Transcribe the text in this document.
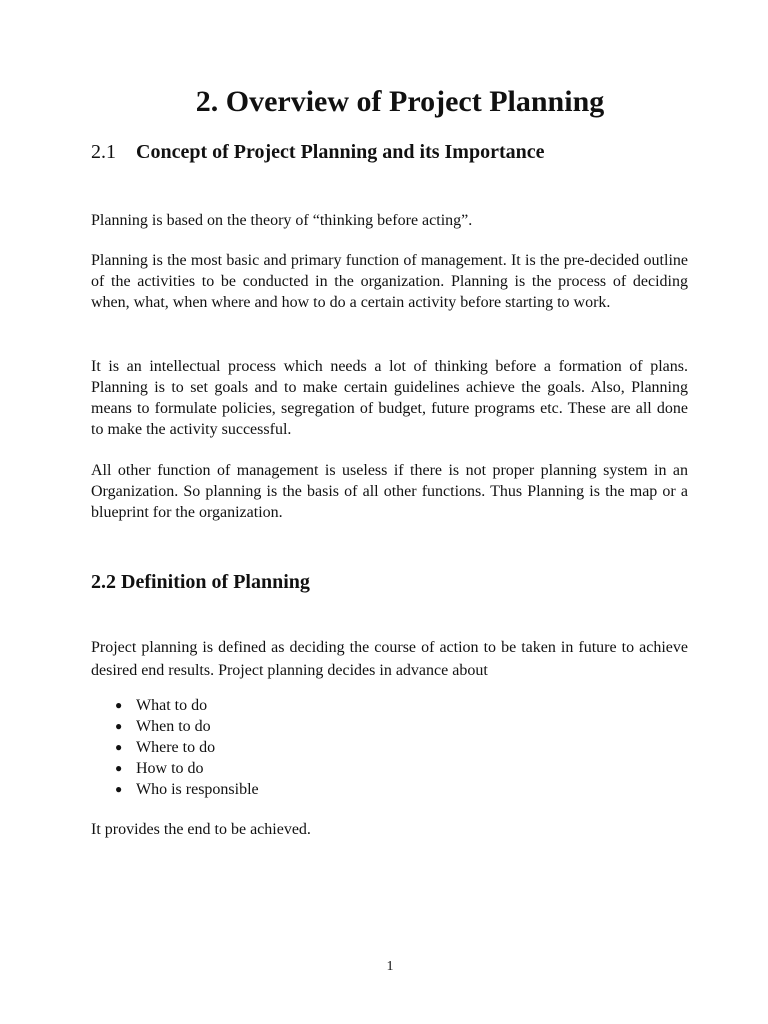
2. Overview of Project Planning
2.1 Concept of Project Planning and its Importance

Planning is based on the theory of “thinking before acting”.

Planning is the most basic and primary function of management. It is the pre-decided outline of the activities to be conducted in the organization. Planning is the process of deciding when, what, when where and how to do a certain activity before starting to work.

It is an intellectual process which needs a lot of thinking before a formation of plans. Planning is to set goals and to make certain guidelines achieve the goals. Also, Planning means to formulate policies, segregation of budget, future programs etc. These are all done to make the activity successful.

All other function of management is useless if there is not proper planning system in an Organization. So planning is the basis of all other functions. Thus Planning is the map or a blueprint for the organization.

2.2 Definition of Planning

Project planning is defined as deciding the course of action to be taken in future to achieve desired end results. Project planning decides in advance about

● What to do
● When to do
● Where to do
● How to do
● Who is responsible

It provides the end to be achieved.

1
